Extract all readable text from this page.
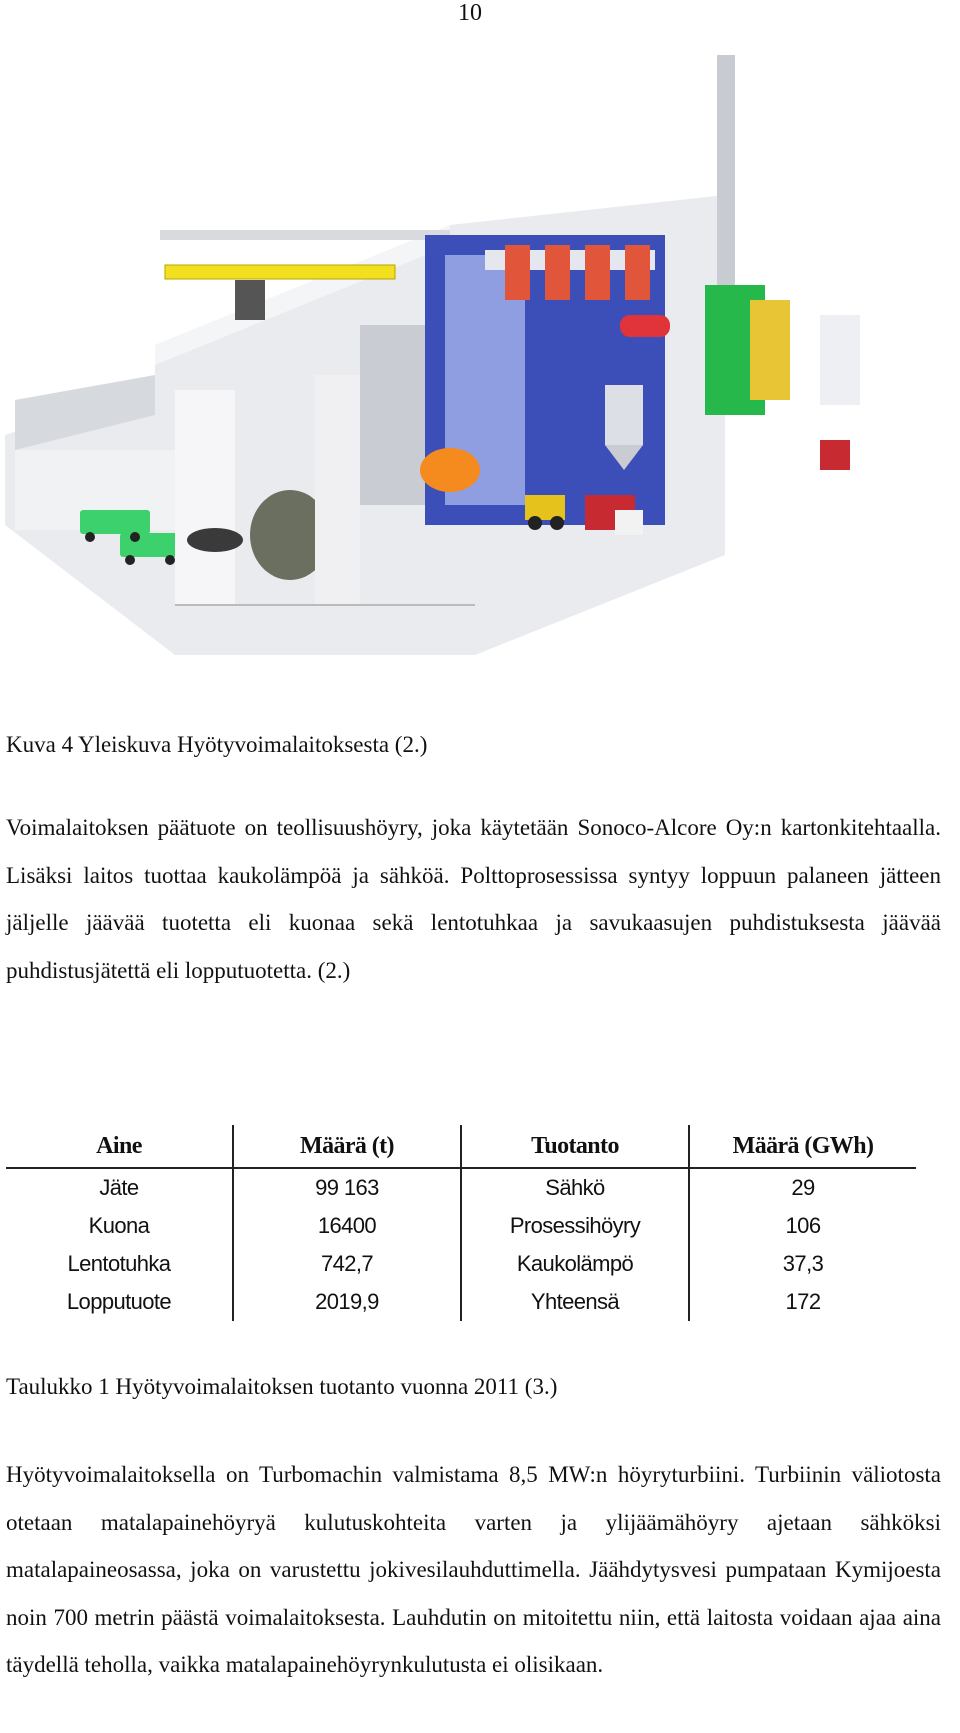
10
Kuva 4 Yleiskuva Hyötyvoimalaitoksesta (2.)
Voimalaitoksen päätuote on teollisuushöyry, joka käytetään Sonoco-Alcore Oy:n kartonkitehtaalla. Lisäksi laitos tuottaa kaukolämpöä ja sähköä. Polttoprosessissa syntyy loppuun palaneen jätteen jäljelle jäävää tuotetta eli kuonaa sekä lentotuhkaa ja savukaasujen puhdistuksesta jäävää puhdistusjätettä eli lopputuotetta. (2.)
Aine	Määrä (t)	Tuotanto	Määrä (GWh)
Jäte	99 163	Sähkö	29
Kuona	16400	Prosessihöyry	106
Lentotuhka	742,7	Kaukolämpö	37,3
Lopputuote	2019,9	Yhteensä	172
Taulukko 1 Hyötyvoimalaitoksen tuotanto vuonna 2011 (3.)
Hyötyvoimalaitoksella on Turbomachin valmistama 8,5 MW:n höyryturbiini. Turbiinin väliotosta otetaan matalapainehöyryä kulutuskohteita varten ja ylijäämähöyry ajetaan sähköksi matalapaineosassa, joka on varustettu jokivesilauhduttimella. Jäähdytysvesi pumpataan Kymijoesta noin 700 metrin päästä voimalaitoksesta. Lauhdutin on mitoitettu niin, että laitosta voidaan ajaa aina täydellä teholla, vaikka matalapainehöyrynkulutusta ei olisikaan.
